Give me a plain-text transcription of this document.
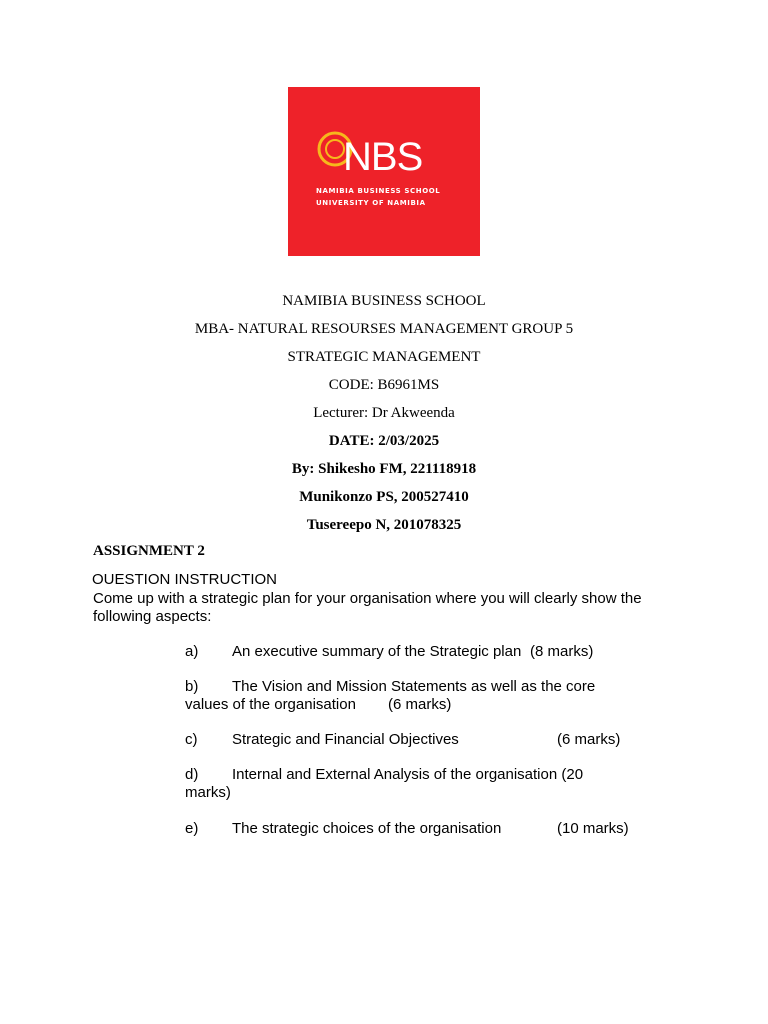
NBS
NAMIBIA BUSINESS SCHOOL
UNIVERSITY OF NAMIBIA
NAMIBIA BUSINESS SCHOOL
MBA- NATURAL RESOURSES MANAGEMENT GROUP 5
STRATEGIC MANAGEMENT
CODE: B6961MS
Lecturer: Dr Akweenda
DATE: 2/03/2025
By: Shikesho FM, 221118918
Munikonzo PS, 200527410
Tusereepo N, 201078325
ASSIGNMENT 2
OUESTION INSTRUCTION
Come up with a strategic plan for your organisation where you will clearly show the
following aspects:
a) An executive summary of the Strategic plan (8 marks)
b) The Vision and Mission Statements as well as the core
values of the organisation (6 marks)
c) Strategic and Financial Objectives	(6 marks)
d) Internal and External Analysis of the organisation (20
marks)
e) The strategic choices of the organisation	(10 marks)
